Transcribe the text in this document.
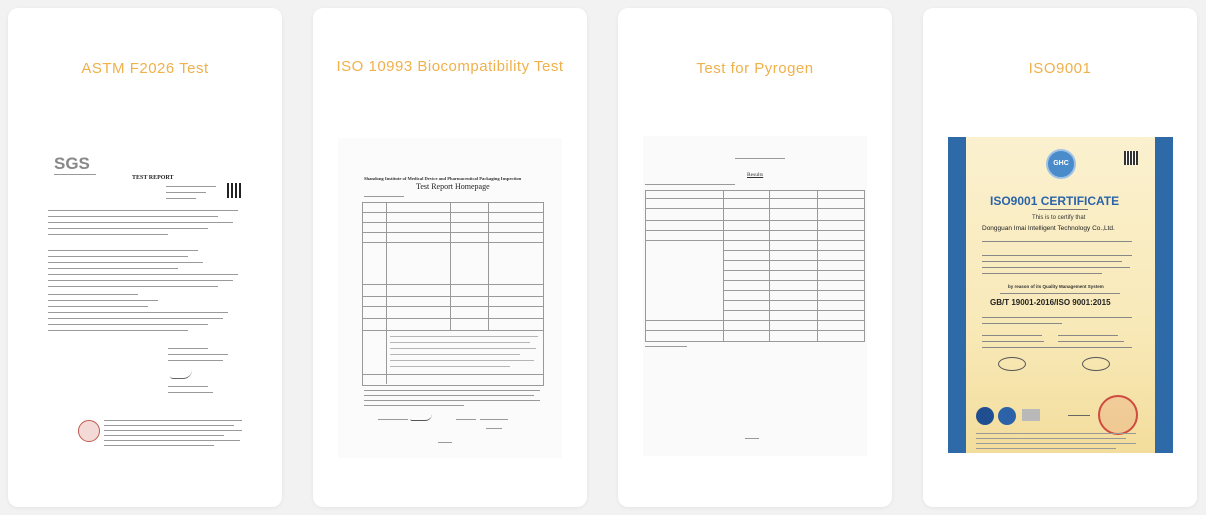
ASTM F2026 Test
SGS
TEST REPORT
ISO 10993 Biocompatibility Test
Shandong Institute of Medical Device and Pharmaceutical Packaging Inspection
Test Report Homepage
Test for Pyrogen
Results
ISO9001
GHC
ISO9001 CERTIFICATE
This is to certify that
Dongguan Imai Intelligent Technology Co.,Ltd.
by reason of its Quality Management System
GB/T 19001-2016/ISO 9001:2015
